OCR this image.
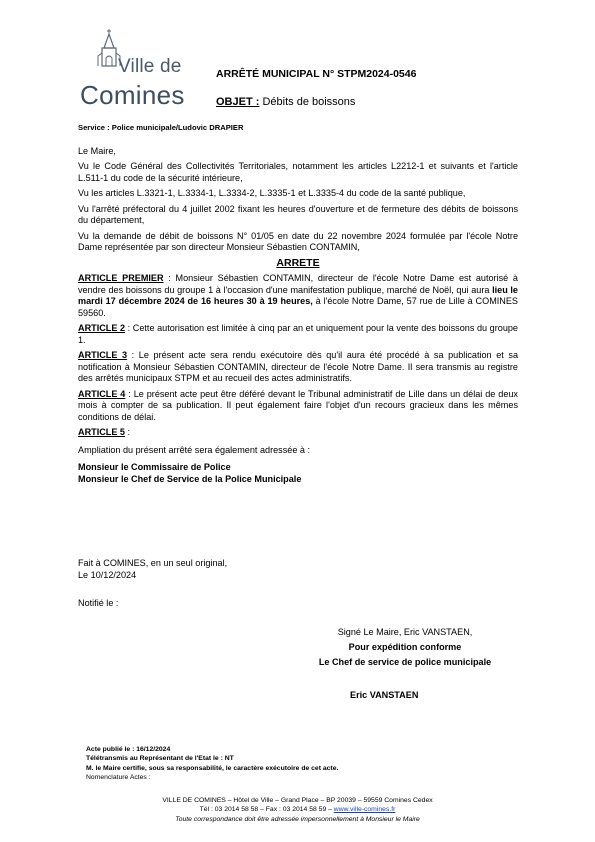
Ville de
Comines
ARRÊTÉ MUNICIPAL N° STPM2024-0546
OBJET : Débits de boissons
Service : Police municipale/Ludovic DRAPIER

Le Maire,

Vu le Code Général des Collectivités Territoriales, notamment les articles L2212-1 et suivants et l'article L.511-1 du code de la sécurité intérieure,

Vu les articles L.3321-1, L.3334-1, L.3334-2, L.3335-1 et L.3335-4 du code de la santé publique,

Vu l'arrêté préfectoral du 4 juillet 2002 fixant les heures d'ouverture et de fermeture des débits de boissons du département,

Vu la demande de débit de boissons N° 01/05 en date du 22 novembre 2024 formulée par l'école Notre Dame représentée par son directeur Monsieur Sébastien CONTAMIN,

ARRETE

ARTICLE PREMIER : Monsieur Sébastien CONTAMIN, directeur de l'école Notre Dame est autorisé à vendre des boissons du groupe 1 à l'occasion d'une manifestation publique, marché de Noël, qui aura lieu le mardi 17 décembre 2024 de 16 heures 30 à 19 heures, à l'école Notre Dame, 57 rue de Lille à COMINES 59560.

ARTICLE 2 : Cette autorisation est limitée à cinq par an et uniquement pour la vente des boissons du groupe 1.

ARTICLE 3 : Le présent acte sera rendu exécutoire dès qu'il aura été procédé à sa publication et sa notification à Monsieur Sébastien CONTAMIN, directeur de l'école Notre Dame. Il sera transmis au registre des arrêtés municipaux STPM et au recueil des actes administratifs.

ARTICLE 4 : Le présent acte peut être déféré devant le Tribunal administratif de Lille dans un délai de deux mois à compter de sa publication. Il peut également faire l'objet d'un recours gracieux dans les mêmes conditions de délai.

ARTICLE 5 :

Ampliation du présent arrêté sera également adressée à :

Monsieur le Commissaire de Police

Monsieur le Chef de Service de la Police Municipale

Fait à COMINES, en un seul original,
Le 10/12/2024
Notifié le :
Signé Le Maire, Eric VANSTAEN,
Pour expédition conforme
Le Chef de service de police municipale
Eric VANSTAEN
Acte publié le : 16/12/2024
Télétransmis au Représentant de l'Etat le : NT
M. le Maire certifie, sous sa responsabilité, le caractère exécutoire de cet acte.
Nomenclature Actes :
VILLE DE COMINES – Hôtel de Ville – Grand Place – BP 20039 – 59559 Comines Cedex
Tél : 03 2014 58 58 – Fax : 03 2014 58 59 – www.ville-comines.fr
Toute correspondance doit être adressée impersonnellement à Monsieur le Maire
